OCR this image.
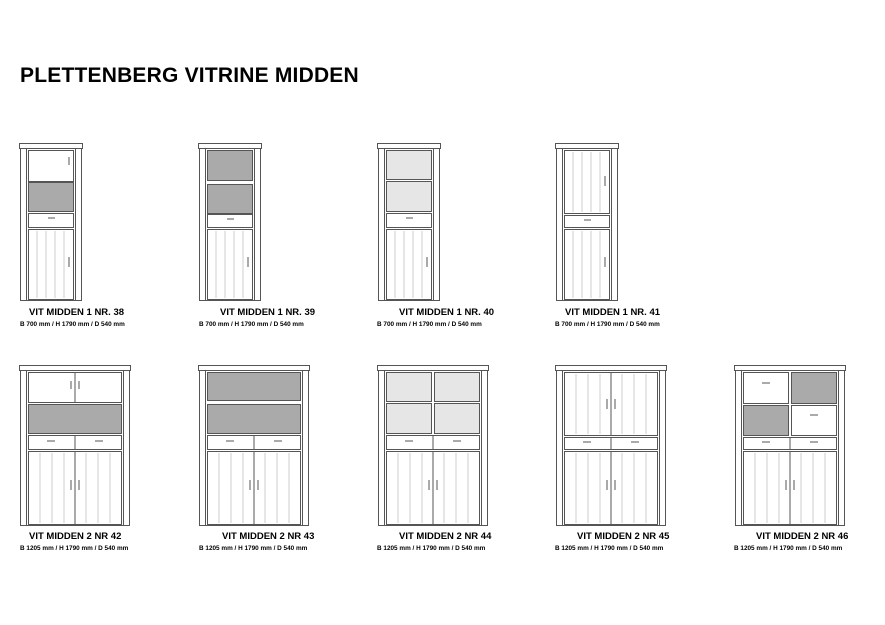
PLETTENBERG VITRINE MIDDEN
VIT MIDDEN 1 NR. 38
B 700 mm / H 1790 mm / D 540 mm
VIT MIDDEN 1 NR. 39
B 700 mm / H 1790 mm / D 540 mm
VIT MIDDEN 1 NR. 40
B 700 mm / H 1790 mm / D 540 mm
VIT MIDDEN 1 NR. 41
B 700 mm / H 1790 mm / D 540 mm
VIT MIDDEN 2 NR 42
B 1205 mm / H 1790 mm / D 540 mm
VIT MIDDEN 2 NR 43
B 1205 mm / H 1790 mm / D 540 mm
VIT MIDDEN 2 NR 44
B 1205 mm / H 1790 mm / D 540 mm
VIT MIDDEN 2 NR 45
B 1205 mm / H 1790 mm / D 540 mm
VIT MIDDEN 2 NR 46
B 1205 mm / H 1790 mm / D 540 mm
